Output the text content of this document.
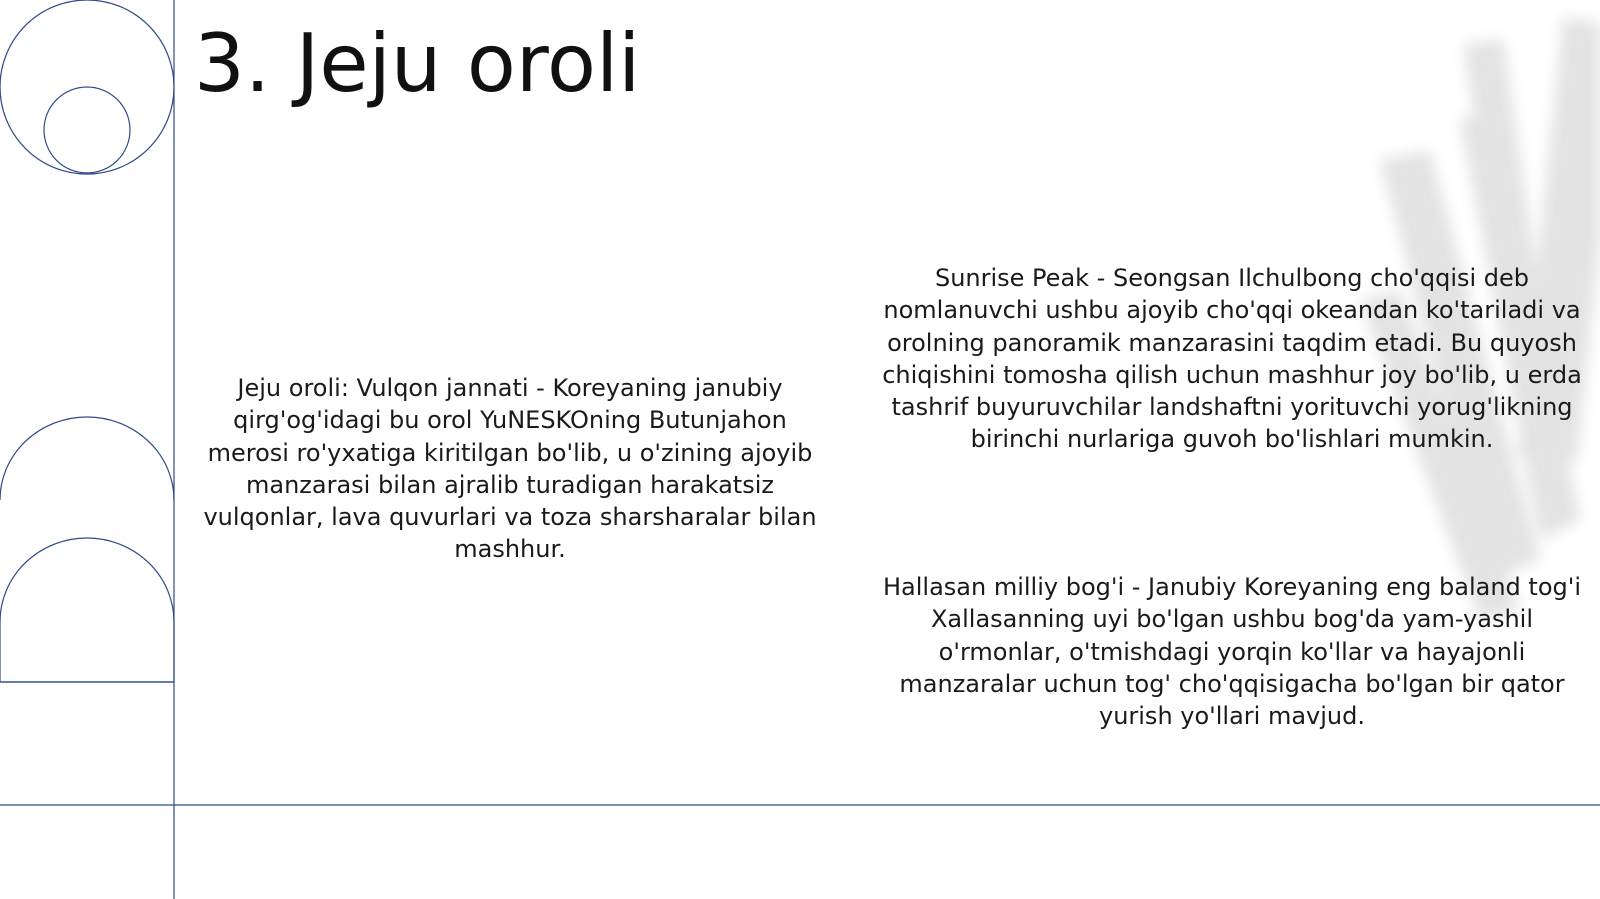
3. Jeju oroli

Jeju oroli: Vulqon jannati - Koreyaning janubiy qirg'og'idagi bu orol YuNESKOning Butunjahon merosi ro'yxatiga kiritilgan bo'lib, u o'zining ajoyib manzarasi bilan ajralib turadigan harakatsiz vulqonlar, lava quvurlari va toza sharsharalar bilan mashhur.

Sunrise Peak - Seongsan Ilchulbong cho'qqisi deb nomlanuvchi ushbu ajoyib cho'qqi okeandan ko'tariladi va orolning panoramik manzarasini taqdim etadi. Bu quyosh chiqishini tomosha qilish uchun mashhur joy bo'lib, u erda tashrif buyuruvchilar landshaftni yorituvchi yorug'likning birinchi nurlariga guvoh bo'lishlari mumkin.

Hallasan milliy bog'i - Janubiy Koreyaning eng baland tog'i Xallasanning uyi bo'lgan ushbu bog'da yam-yashil o'rmonlar, o'tmishdagi yorqin ko'llar va hayajonli manzaralar uchun tog' cho'qqisigacha bo'lgan bir qator yurish yo'llari mavjud.
